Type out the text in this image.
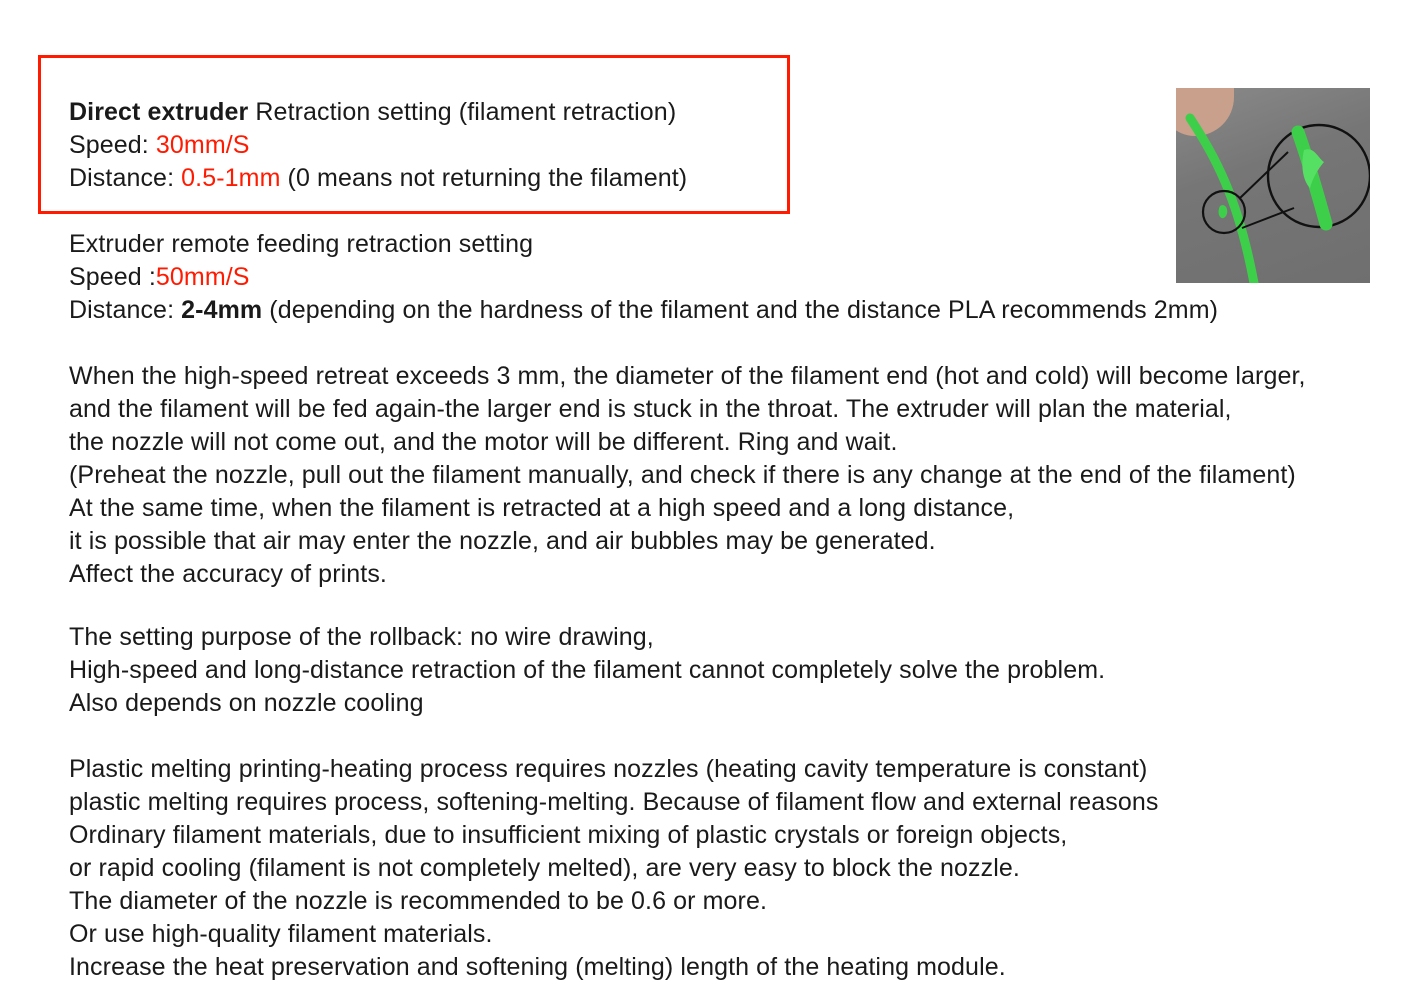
Direct extruder Retraction setting (filament retraction)
Speed: 30mm/S
Distance: 0.5-1mm (0 means not returning the filament)
Extruder remote feeding retraction setting
Speed :50mm/S
Distance: 2-4mm (depending on the hardness of the filament and the distance PLA recommends 2mm)
When the high-speed retreat exceeds 3 mm, the diameter of the filament end (hot and cold) will become larger,
and the filament will be fed again-the larger end is stuck in the throat. The extruder will plan the material,
the nozzle will not come out, and the motor will be different. Ring and wait.
(Preheat the nozzle, pull out the filament manually, and check if there is any change at the end of the filament)
At the same time, when the filament is retracted at a high speed and a long distance,
it is possible that air may enter the nozzle, and air bubbles may be generated.
Affect the accuracy of prints.
The setting purpose of the rollback: no wire drawing,
High-speed and long-distance retraction of the filament cannot completely solve the problem.
Also depends on nozzle cooling
Plastic melting printing-heating process requires nozzles (heating cavity temperature is constant)
plastic melting requires process, softening-melting. Because of filament flow and external reasons
Ordinary filament materials, due to insufficient mixing of plastic crystals or foreign objects,
or rapid cooling (filament is not completely melted), are very easy to block the nozzle.
The diameter of the nozzle is recommended to be 0.6 or more.
Or use high-quality filament materials.
Increase the heat preservation and softening (melting) length of the heating module.
